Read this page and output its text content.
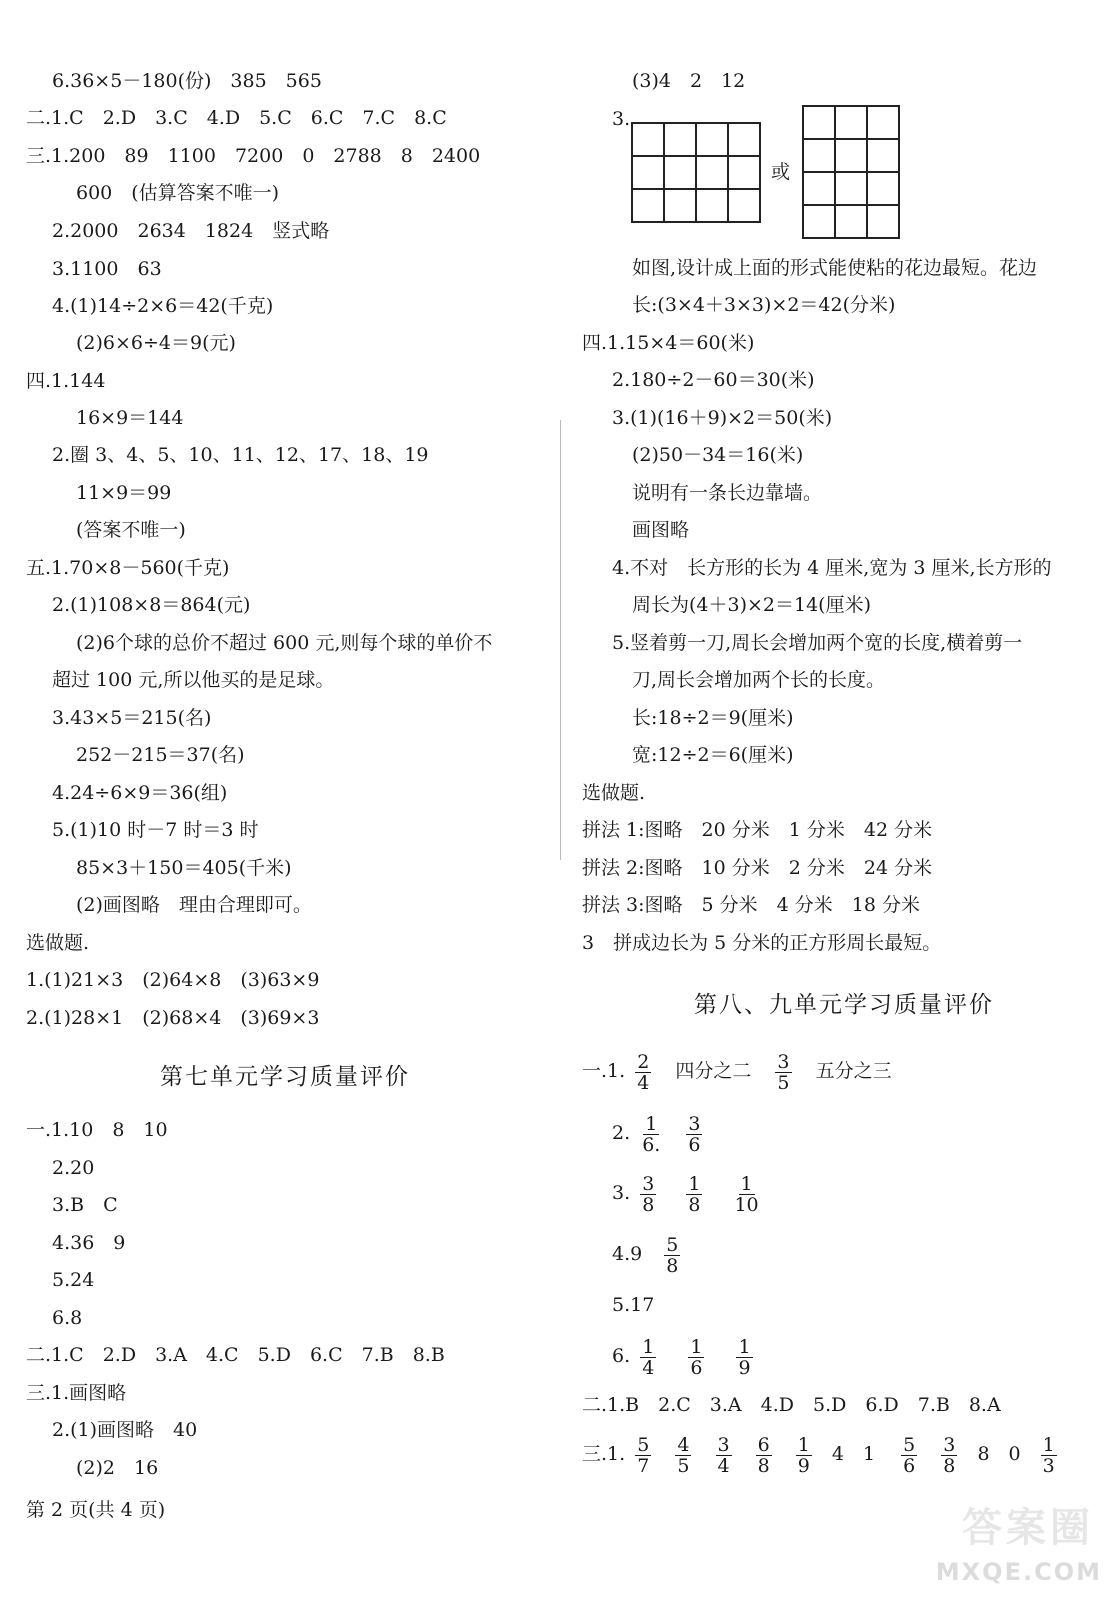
6.36×5－180(份)　385　565
二.1.C　2.D　3.C　4.D　5.C　6.C　7.C　8.C
三.1.200　89　1100　7200　0　2788　8　2400
600　(估算答案不唯一)
2.2000　2634　1824　竖式略
3.1100　63
4.(1)14÷2×6＝42(千克)
(2)6×6÷4＝9(元)
四.1.144
16×9＝144
2.圈 3、4、5、10、11、12、17、18、19
11×9＝99
(答案不唯一)
五.1.70×8－560(千克)
2.(1)108×8＝864(元)
(2)6个球的总价不超过 600 元,则每个球的单价不
超过 100 元,所以他买的是足球。
3.43×5＝215(名)
252－215＝37(名)
4.24÷6×9＝36(组)
5.(1)10 时－7 时＝3 时
85×3＋150＝405(千米)
(2)画图略　理由合理即可。
选做题.
1.(1)21×3　(2)64×8　(3)63×9
2.(1)28×1　(2)68×4　(3)69×3
第七单元学习质量评价
一.1.10　8　10
2.20
3.B　C
4.36　9
5.24
6.8
二.1.C　2.D　3.A　4.C　5.D　6.C　7.B　8.B
三.1.画图略
2.(1)画图略　40
(2)2　16
(3)4　2　12
3.

或

如图,设计成上面的形式能使粘的花边最短。花边
长:(3×4＋3×3)×2＝42(分米)
四.1.15×4＝60(米)
2.180÷2－60＝30(米)
3.(1)(16＋9)×2＝50(米)
(2)50－34＝16(米)
说明有一条长边靠墙。
画图略
4.不对　长方形的长为 4 厘米,宽为 3 厘米,长方形的
周长为(4＋3)×2＝14(厘米)
5.竖着剪一刀,周长会增加两个宽的长度,横着剪一
刀,周长会增加两个长的长度。
长:18÷2＝9(厘米)
宽:12÷2＝6(厘米)
选做题.
拼法 1:图略　20 分米　1 分米　42 分米
拼法 2:图略　10 分米　2 分米　24 分米
拼法 3:图略　5 分米　4 分米　18 分米
3　拼成边长为 5 分米的正方形周长最短。
第八、九单元学习质量评价
一.1. $\frac{2}{4}$ 四分之二 $\frac{3}{5}$ 五分之三
2. $\frac{1}{6.}$
$\frac{3}{6}$
3. $\frac{3}{8}$
$\frac{1}{8}$
$\frac{1}{10}$
$4.9 \frac{5}{8}$
5.17
6. $\frac{1}{4}$
$\frac{1}{6}$
$\frac{1}{9}$
二.1.B　2.C　3.A　4.D　5.D　6.D　7.B　8.A
三.1. $\frac{5}{7}$
$\frac{4}{5}$
$\frac{3}{4}$
$\frac{6}{8}$
$\frac{1}{9} 4$　$1 \frac{5}{6}$
$\frac{3}{8} 8$　$0 \frac{1}{3}$
第 2 页(共 4 页)	答案圈
MXQE.COM
